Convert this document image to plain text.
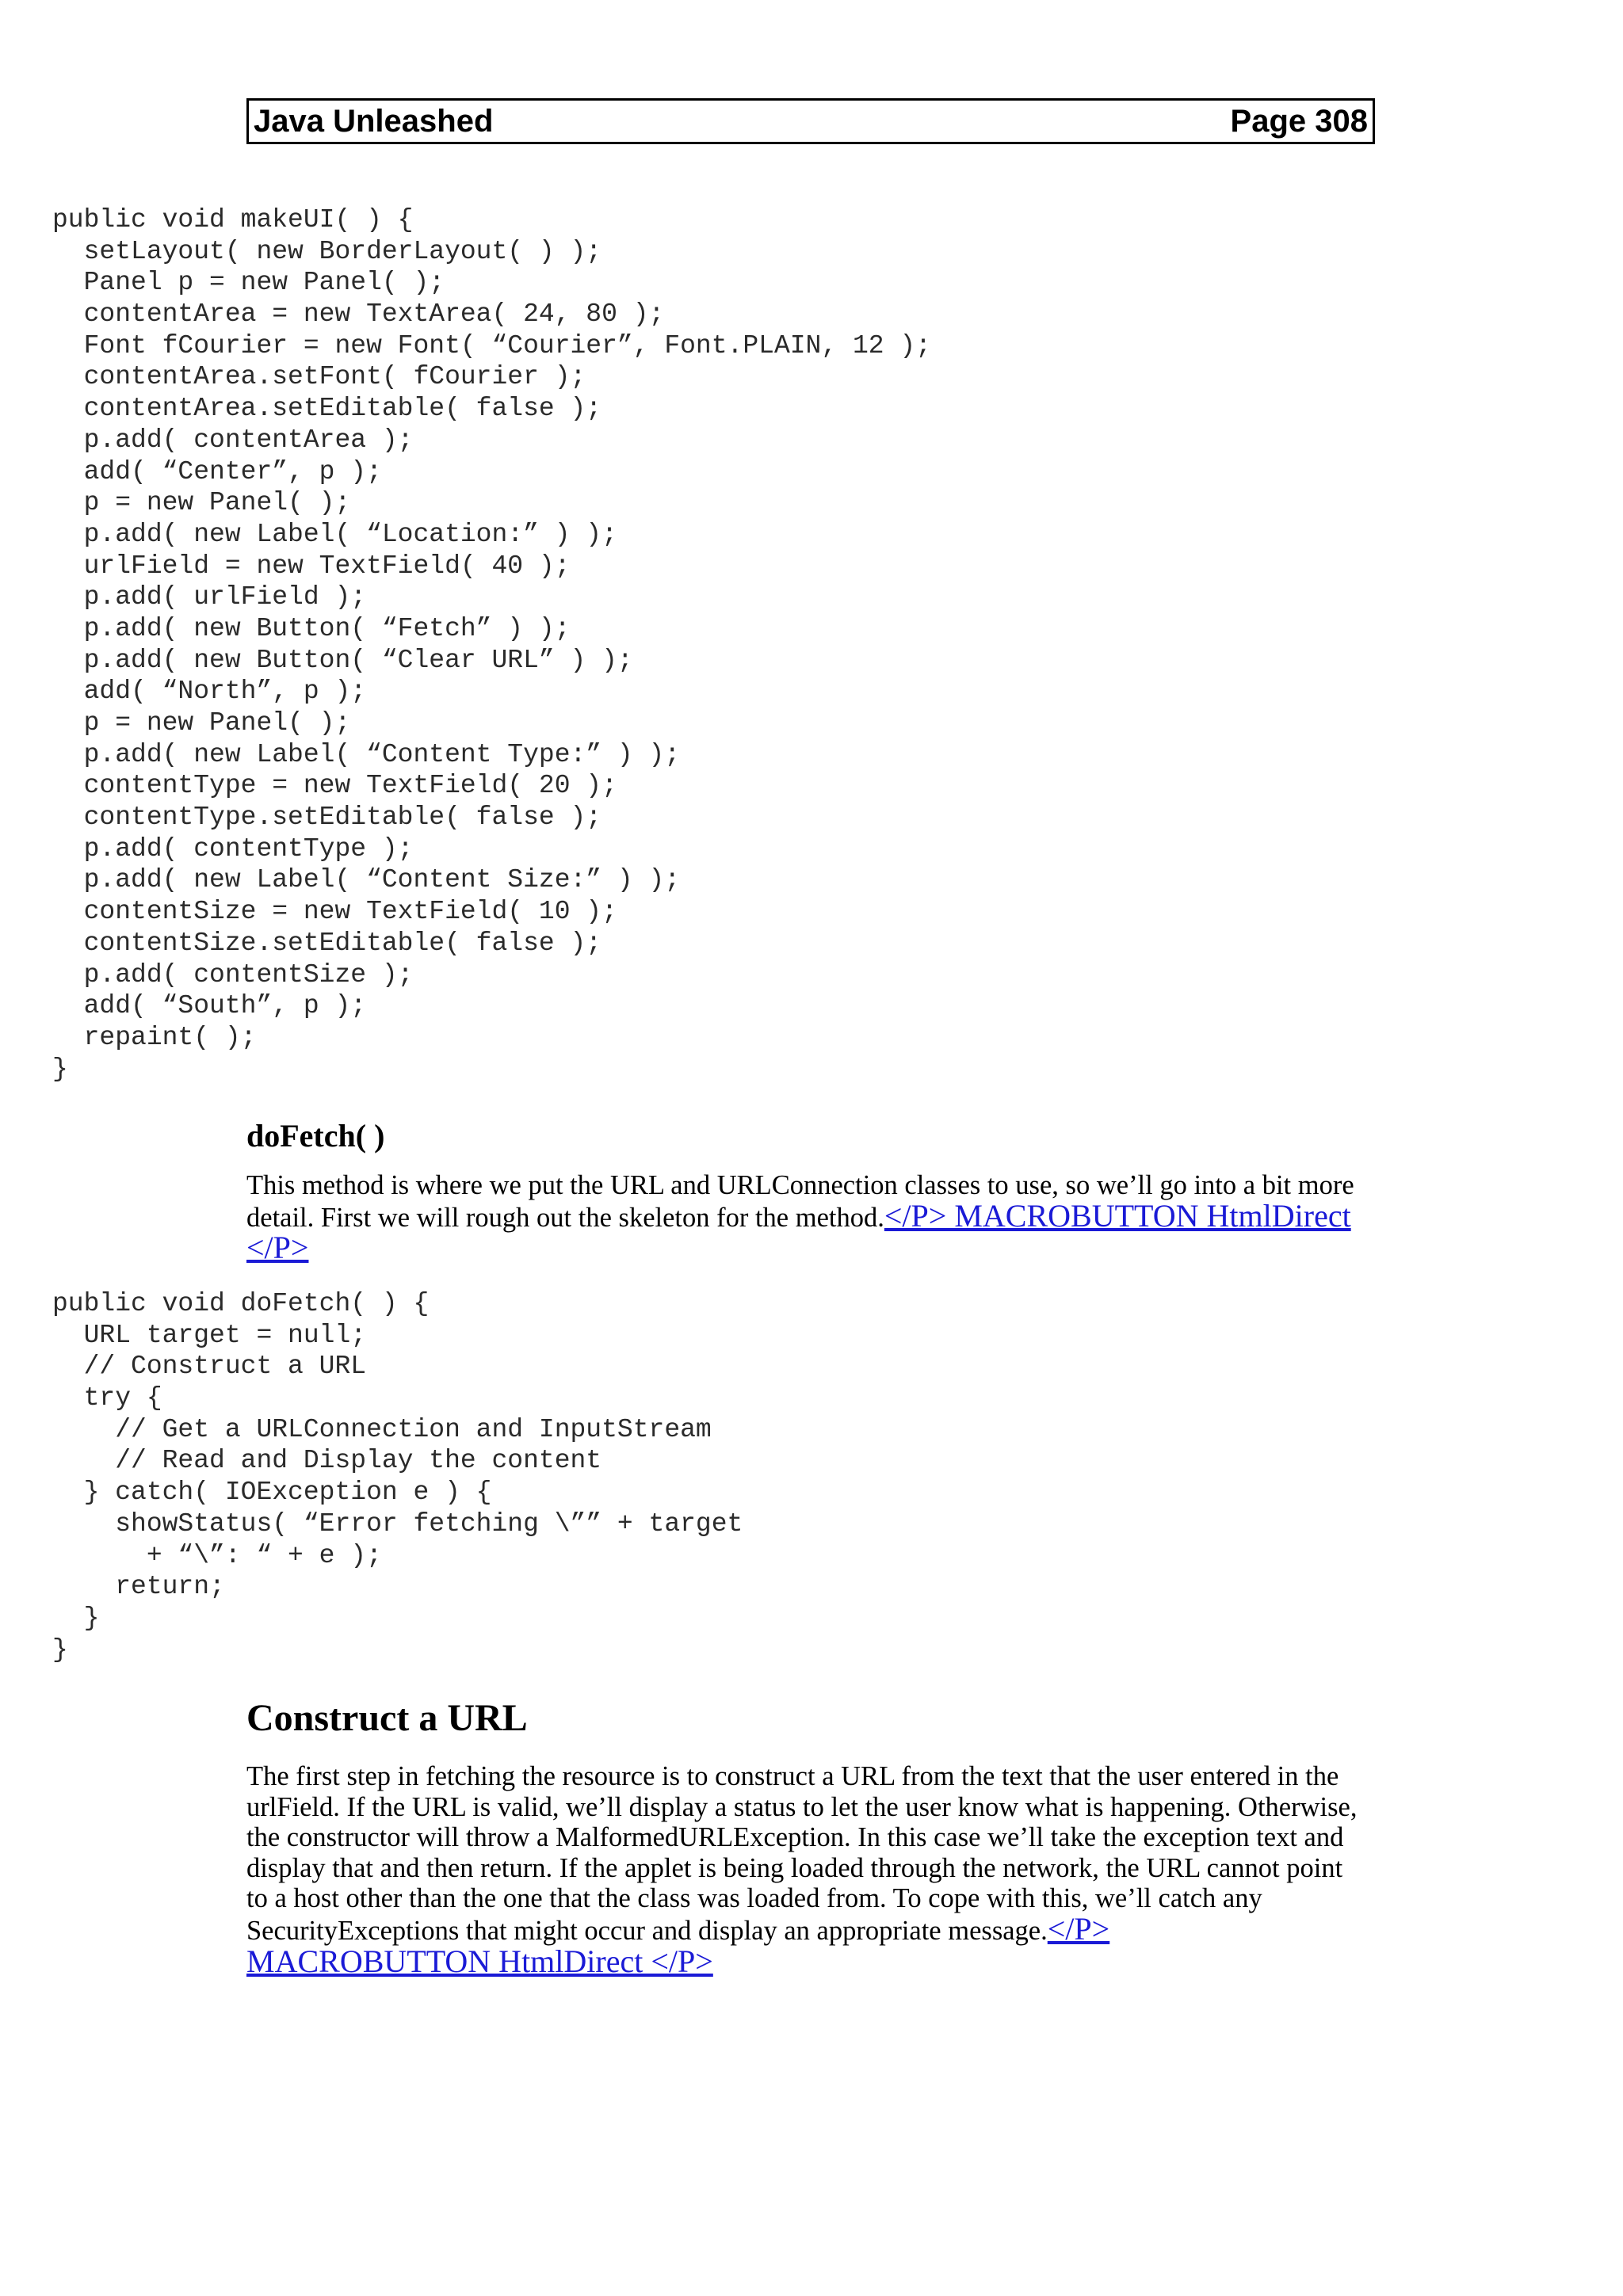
Java Unleashed	Page 308
public void makeUI( ) {
setLayout( new BorderLayout( ) );
Panel p = new Panel( );
contentArea = new TextArea( 24, 80 );
Font fCourier = new Font( “Courier”, Font.PLAIN, 12 );
contentArea.setFont( fCourier );
contentArea.setEditable( false );
p.add( contentArea );
add( “Center”, p );
p = new Panel( );
p.add( new Label( “Location:” ) );
urlField = new TextField( 40 );
p.add( urlField );
p.add( new Button( “Fetch” ) );
p.add( new Button( “Clear URL” ) );
add( “North”, p );
p = new Panel( );
p.add( new Label( “Content Type:” ) );
contentType = new TextField( 20 );
contentType.setEditable( false );
p.add( contentType );
p.add( new Label( “Content Size:” ) );
contentSize = new TextField( 10 );
contentSize.setEditable( false );
p.add( contentSize );
add( “South”, p );
repaint( );
}
doFetch( )

This method is where we put the URL and URLConnection classes to use, so we’ll go into a bit more
detail. First we will rough out the skeleton for the method.</P> MACROBUTTON HtmlDirect
</P>

public void doFetch( ) {
URL target = null;
// Construct a URL
try {
// Get a URLConnection and InputStream
// Read and Display the content
} catch( IOException e ) {
showStatus( “Error fetching \”” + target
+ “\”: “ + e );
return;
}
}
Construct a URL

The first step in fetching the resource is to construct a URL from the text that the user entered in the
urlField. If the URL is valid, we’ll display a status to let the user know what is happening. Otherwise,
the constructor will throw a MalformedURLException. In this case we’ll take the exception text and
display that and then return. If the applet is being loaded through the network, the URL cannot point
to a host other than the one that the class was loaded from. To cope with this, we’ll catch any
SecurityExceptions that might occur and display an appropriate message.</P>
MACROBUTTON HtmlDirect </P>
